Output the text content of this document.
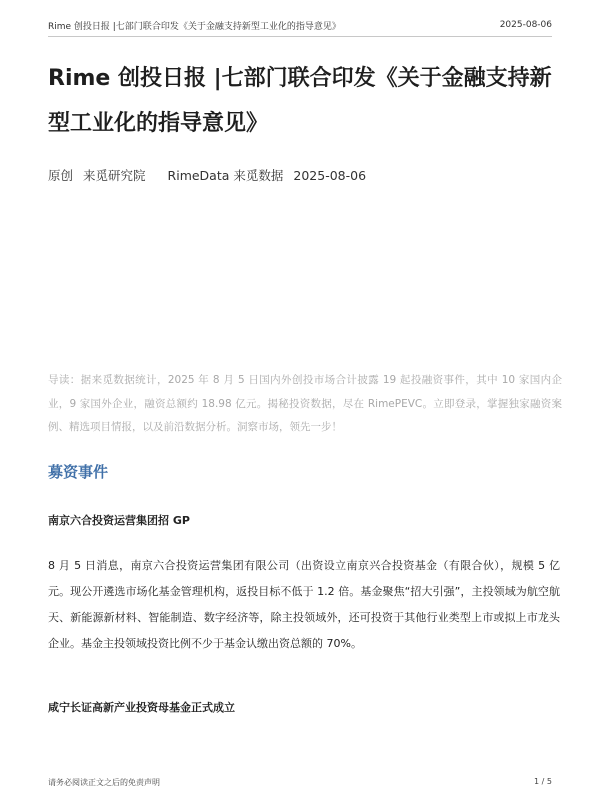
Rime 创投日报 |七部门联合印发《关于金融支持新型工业化的指导意见》	2025-08-06
Rime 创投日报 |七部门联合印发《关于金融支持新型工业化的指导意见》
原创 来觅研究院 RimeData 来觅数据 2025-08-06

导读：据来觅数据统计，2025 年 8 月 5 日国内外创投市场合计披露 19 起投融资事件，其中 10 家国内企业，9 家国外企业，融资总额约 18.98 亿元。揭秘投资数据，尽在 RimePEVC。立即登录，掌握独家融资案例、精选项目情报，以及前沿数据分析。洞察市场，领先一步！

募资事件
南京六合投资运营集团招 GP

8 月 5 日消息，南京六合投资运营集团有限公司（出资设立南京兴合投资基金（有限合伙），规模 5 亿元。现公开遴选市场化基金管理机构，返投目标不低于 1.2 倍。基金聚焦“招大引强”，主投领域为航空航天、新能源新材料、智能制造、数字经济等，除主投领域外，还可投资于其他行业类型上市或拟上市龙头企业。基金主投领域投资比例不少于基金认缴出资总额的 70%。

咸宁长证高新产业投资母基金正式成立
请务必阅读正文之后的免责声明	1 / 5
